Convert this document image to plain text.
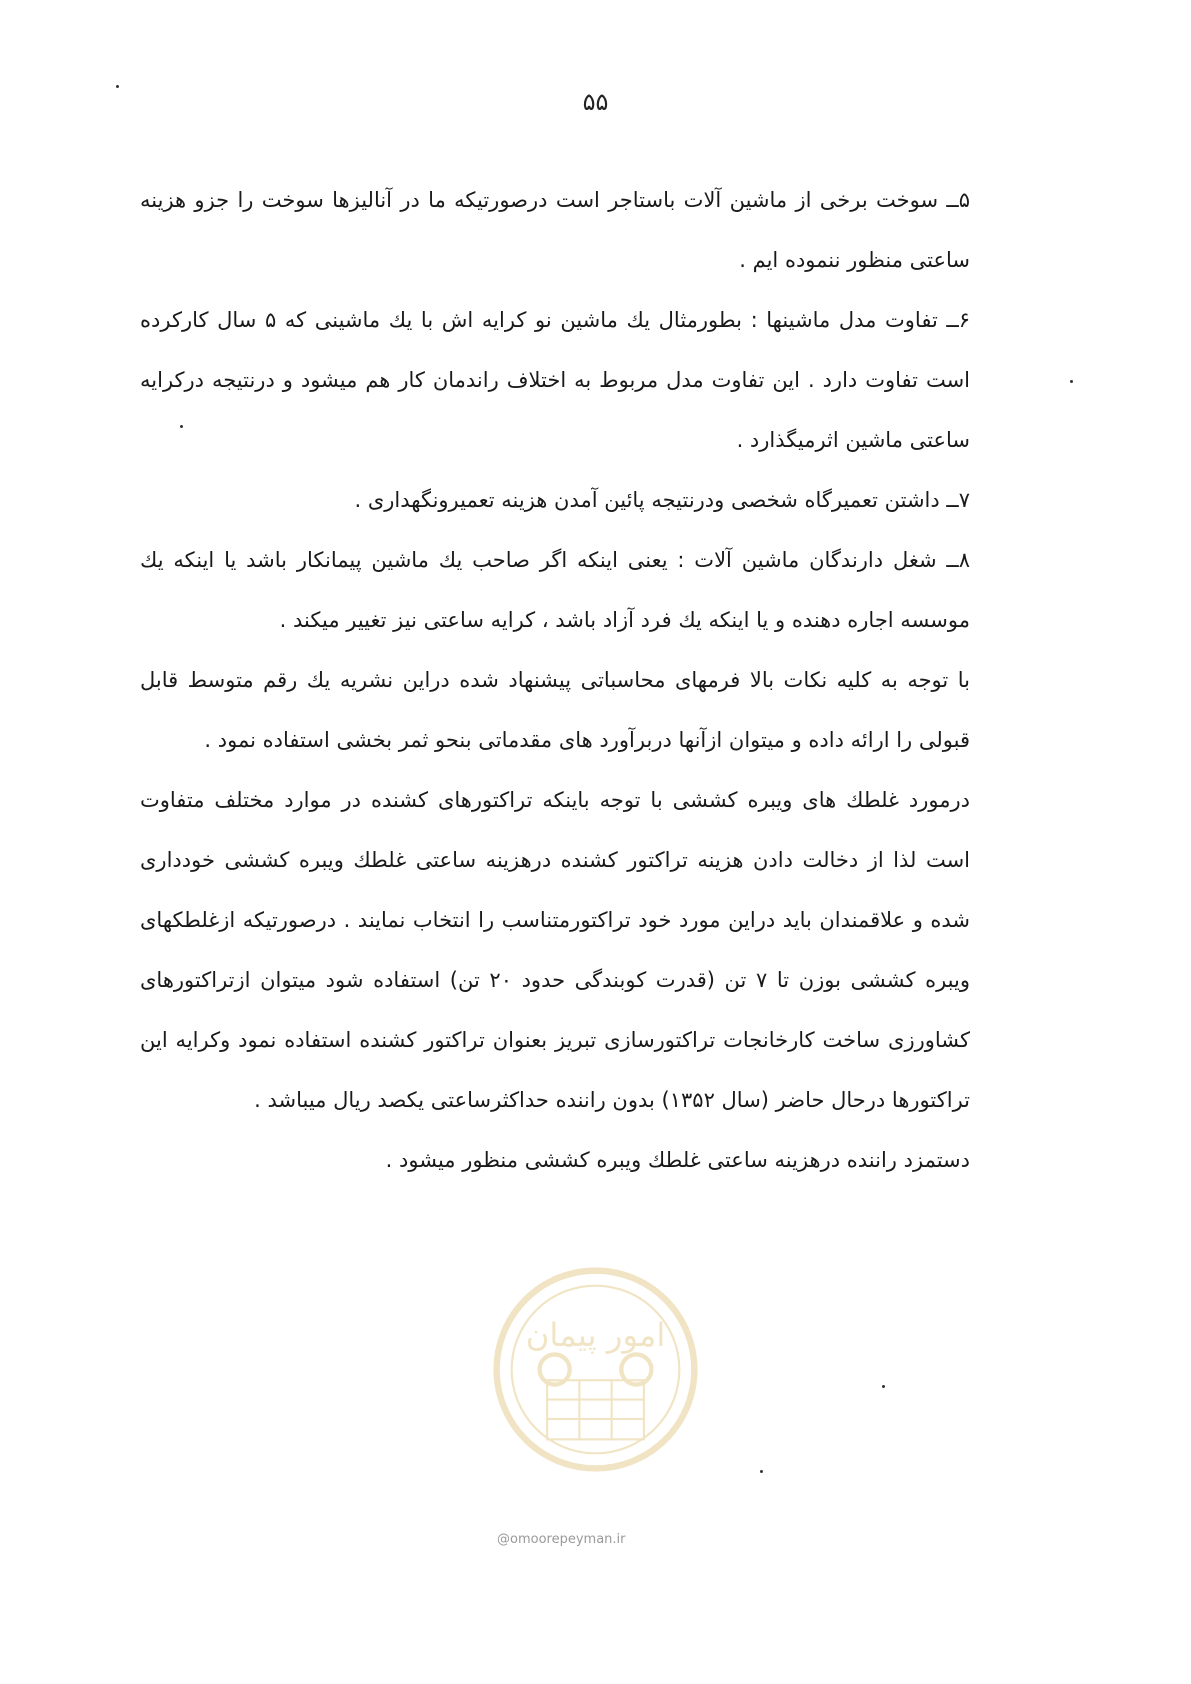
۵۵

۵ــ سوخت برخی از ماشین آلات باستاجر است درصورتیکه ما در آنالیزها سوخت را جزو هزینه ساعتی منظور ننموده ایم .

۶ــ تفاوت مدل ماشینها : بطورمثال یك ماشین نو کرایه اش با یك ماشینی که ۵ سال کارکرده است تفاوت دارد . این تفاوت مدل مربوط به اختلاف راندمان کار هم میشود و درنتیجه درکرایه ساعتی ماشین اثرمیگذارد .

۷ــ داشتن تعمیرگاه شخصی ودرنتیجه پائین آمدن هزینه تعمیرونگهداری .

۸ــ شغل دارندگان ماشین آلات : یعنی اینکه اگر صاحب یك ماشین پیمانکار باشد یا اینکه یك موسسه اجاره دهنده و یا اینکه یك فرد آزاد باشد ، کرایه ساعتی نیز تغییر میکند .

با توجه به کلیه نکات بالا فرمهای محاسباتی پیشنهاد شده دراین نشریه یك رقم متوسط قابل قبولی را ارائه داده و میتوان ازآنها دربرآورد های مقدماتی بنحو ثمر بخشی استفاده نمود .

درمورد غلطك های ویبره کششی با توجه باینکه تراکتورهای کشنده در موارد مختلف متفاوت است لذا از دخالت دادن هزینه تراکتور کشنده درهزینه ساعتی غلطك ویبره کششی خودداری شده و علاقمندان باید دراین مورد خود تراکتورمتناسب را انتخاب نمایند . درصورتیکه ازغلطکهای ویبره کششی بوزن تا ۷ تن (قدرت کوبندگی حدود ۲۰ تن) استفاده شود میتوان ازتراکتورهای کشاورزی ساخت کارخانجات تراکتورسازی تبریز بعنوان تراکتور کشنده استفاده نمود وکرایه این تراکتورها درحال حاضر (سال ۱۳۵۲) بدون راننده حداکثرساعتی یکصد ریال میباشد .

دستمزد راننده درهزینه ساعتی غلطك ویبره کششی منظور میشود .

امور پیمان
@omoorepeyman.ir
